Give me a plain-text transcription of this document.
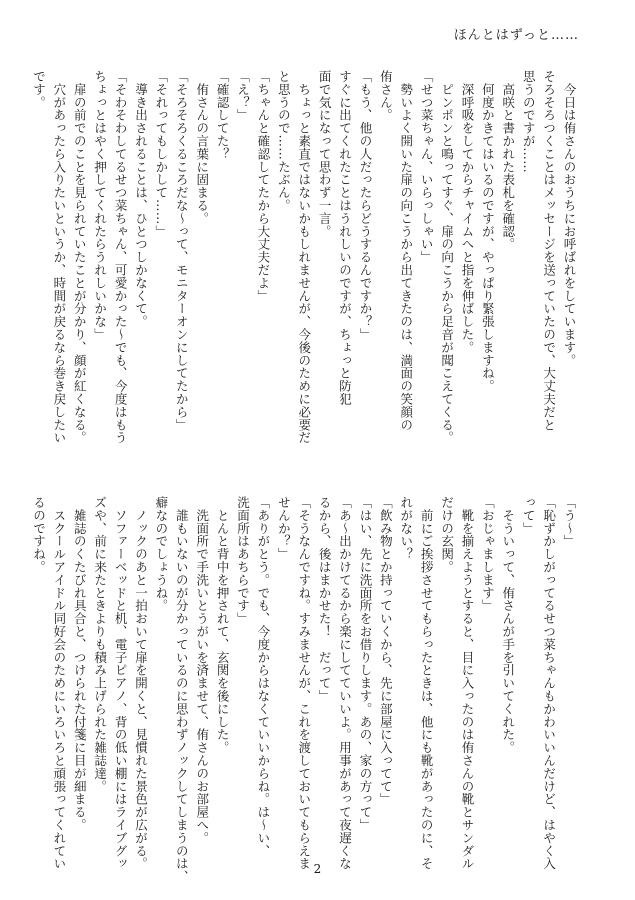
ほんとはずっと……
　今日は侑さんのおうちにお呼ばれをしています。
そろそろつくことはメッセージを送っていたので、大丈夫だと
思うのですが……
　高咲と書かれた表札を確認。
　何度かきてはいるのですが、やっぱり緊張しますね。
　深呼吸をしてからチャイムへと指を伸ばした。
　ピンポンと鳴ってすぐ、扉の向こうから足音が聞こえてくる。
「せつ菜ちゃん、いらっしゃい」
　勢いよく開いた扉の向こうから出てきたのは、満面の笑顔の
侑さん。
「もう、他の人だったらどうするんですか？」
すぐに出てくれたことはうれしいのですが、ちょっと防犯
面で気になって思わず一言。
　ちょっと素直ではないかもしれませんが、今後のために必要だ
と思うので……たぶん。
「ちゃんと確認してたから大丈夫だよ」
「え？」
「確認してた？
　侑さんの言葉に固まる。
「そろそろくるころだな～って、モニターオンにしてたから」
「それってもしかして……」
　導き出されることは、ひとつしかなくて。
「そわそわしてるせつ菜ちゃん、可愛かった～でも、今度はもう
ちょっとはやく押してくれたらうれしいかな」
　扉の前でのことを見られていたことが分かり、顔が紅くなる。
　穴があったら入りたいというか、時間が戻るなら巻き戻したい
です。
「う～」
「恥ずかしがってるせつ菜ちゃんもかわいいんだけど、はやく入
って」
　そういって、侑さんが手を引いてくれた。
「おじゃまします」
　靴を揃えようとすると、目に入ったのは侑さんの靴とサンダル
だけの玄関。
　前にご挨拶させてもらったときは、他にも靴があったのに、そ
れがない？
「飲み物とか持っていくから、先に部屋に入ってて」
「はい、先に洗面所をお借りします。あの、家の方って」
「あ～出かけてるから楽にしてていいよ。用事があって夜遅くな
るから、後はまかせた！　だって」
「そうなんですね。すみませんが、これを渡しておいてもらえま
せんか？」
「ありがとう。でも、今度からはなくていいからね。は～い、
洗面所はあちらです」
　とんと背中を押されて、玄関を後にした。
　洗面所で手洗いとうがいを済ませて、侑さんのお部屋へ。
　誰もいないのが分かっているのに思わずノックしてしまうのは、
癖なのでしょうね。
　ノックのあと一拍おいて扉を開くと、見慣れた景色が広がる。
　ソファーベッドと机、電子ピアノ、背の低い棚にはライブグッ
ズや、前に来たときよりも積み上げられた雑誌達。
　雑誌のくたびれ具合と、つけられた付箋に目が細まる。
　スクールアイドル同好会のためにいろいろと頑張ってくれてい
るのですね。
2
